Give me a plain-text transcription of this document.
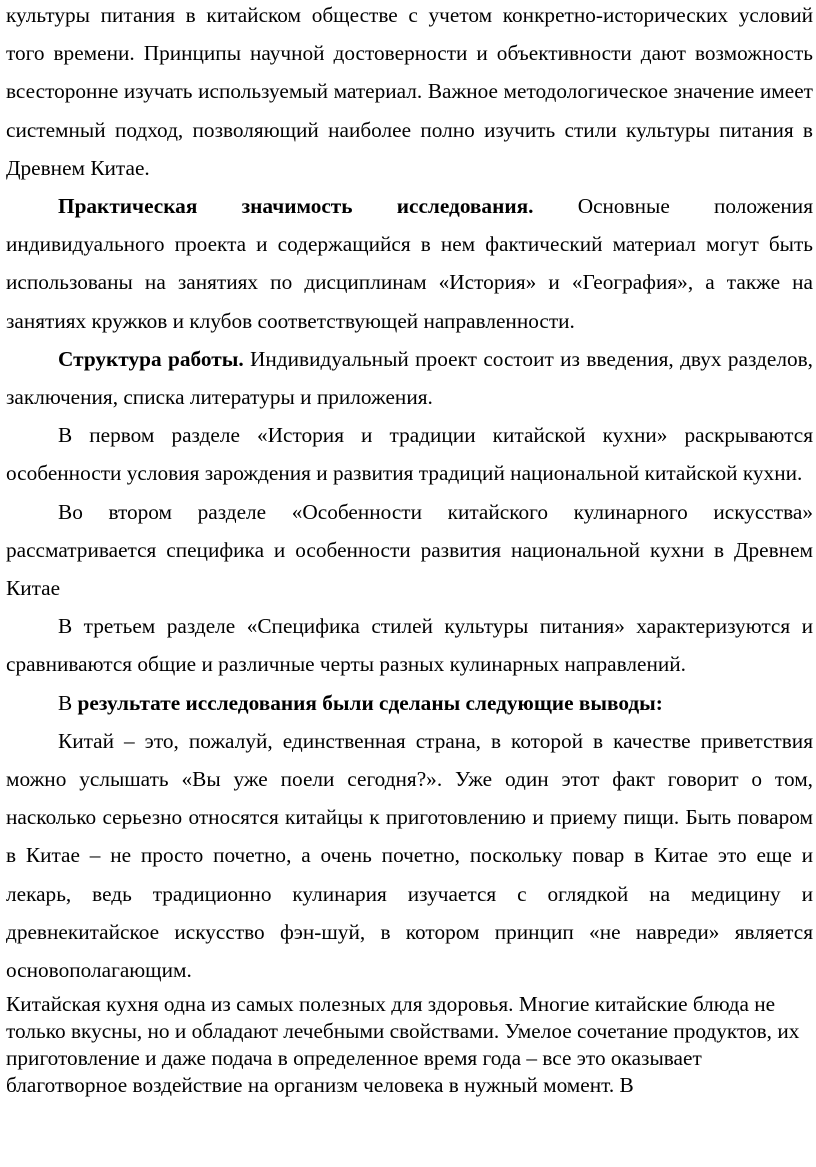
культуры питания в китайском обществе с учетом конкретно-исторических условий того времени. Принципы научной достоверности и объективности дают возможность всесторонне изучать используемый материал. Важное методологическое значение имеет системный подход, позволяющий наиболее полно изучить стили культуры питания в Древнем Китае.

Практическая значимость исследования. Основные положения индивидуального проекта и содержащийся в нем фактический материал могут быть использованы на занятиях по дисциплинам «История» и «География», а также на занятиях кружков и клубов соответствующей направленности.

Структура работы. Индивидуальный проект состоит из введения, двух разделов, заключения, списка литературы и приложения.

В первом разделе «История и традиции китайской кухни» раскрываются особенности условия зарождения и развития традиций национальной китайской кухни.

Во втором разделе «Особенности китайского кулинарного искусства» рассматривается специфика и особенности развития национальной кухни в Древнем Китае

В третьем разделе «Специфика стилей культуры питания» характеризуются и сравниваются общие и различные черты разных кулинарных направлений.

В результате исследования были сделаны следующие выводы:

Китай – это, пожалуй, единственная страна, в которой в качестве приветствия можно услышать «Вы уже поели сегодня?». Уже один этот факт говорит о том, насколько серьезно относятся китайцы к приготовлению и приему пищи. Быть поваром в Китае – не просто почетно, а очень почетно, поскольку повар в Китае это еще и лекарь, ведь традиционно кулинария изучается с оглядкой на медицину и древнекитайское искусство фэн-шуй, в котором принцип «не навреди» является основополагающим.

Китайская кухня одна из самых полезных для здоровья. Многие китайские блюда не только вкусны, но и обладают лечебными свойствами. Умелое сочетание продуктов, их приготовление и даже подача в определенное время года – все это оказывает благотворное воздействие на организм человека в нужный момент. В
